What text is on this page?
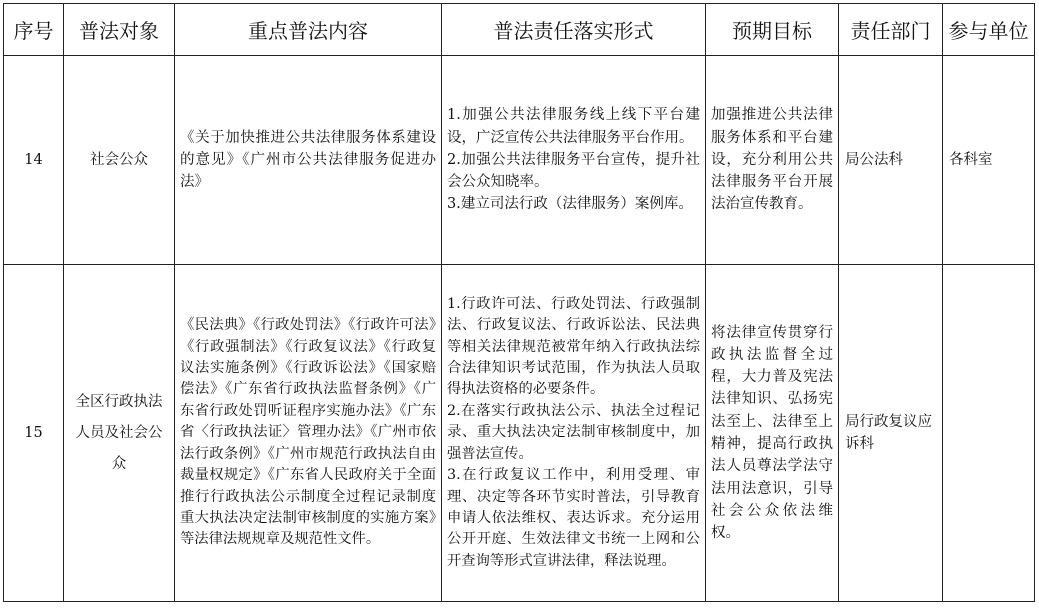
序号	普法对象	重点普法内容	普法责任落实形式	预期目标	责任部门	参与单位
14	社会公众	《关于加快推进公共法律服务体系建设的意见》《广州市公共法律服务促进办法》	1.加强公共法律服务线上线下平台建设，广泛宣传公共法律服务平台作用。
2.加强公共法律服务平台宣传，提升社会公众知晓率。
3.建立司法行政（法律服务）案例库。	加强推进公共法律服务体系和平台建设，充分利用公共法律服务平台开展法治宣传教育。	局公法科	各科室
15	全区行政执法人员及社会公众	《民法典》《行政处罚法》《行政许可法》《行政强制法》《行政复议法》《行政复议法实施条例》《行政诉讼法》《国家赔偿法》《广东省行政执法监督条例》《广东省行政处罚听证程序实施办法》《广东省〈行政执法证〉管理办法》《广州市依法行政条例》《广州市规范行政执法自由裁量权规定》《广东省人民政府关于全面推行行政执法公示制度全过程记录制度重大执法决定法制审核制度的实施方案》等法律法规规章及规范性文件。	1.行政许可法、行政处罚法、行政强制法、行政复议法、行政诉讼法、民法典等相关法律规范被常年纳入行政执法综合法律知识考试范围，作为执法人员取得执法资格的必要条件。
2.在落实行政执法公示、执法全过程记录、重大执法决定法制审核制度中，加强普法宣传。
3.在行政复议工作中，利用受理、审理、决定等各环节实时普法，引导教育申请人依法维权、表达诉求。充分运用公开开庭、生效法律文书统一上网和公开查询等形式宣讲法律，释法说理。	将法律宣传贯穿行政执法监督全过程，大力普及宪法法律知识、弘扬宪法至上、法律至上精神，提高行政执法人员尊法学法守法用法意识，引导社会公众依法维权。	局行政复议应诉科	
